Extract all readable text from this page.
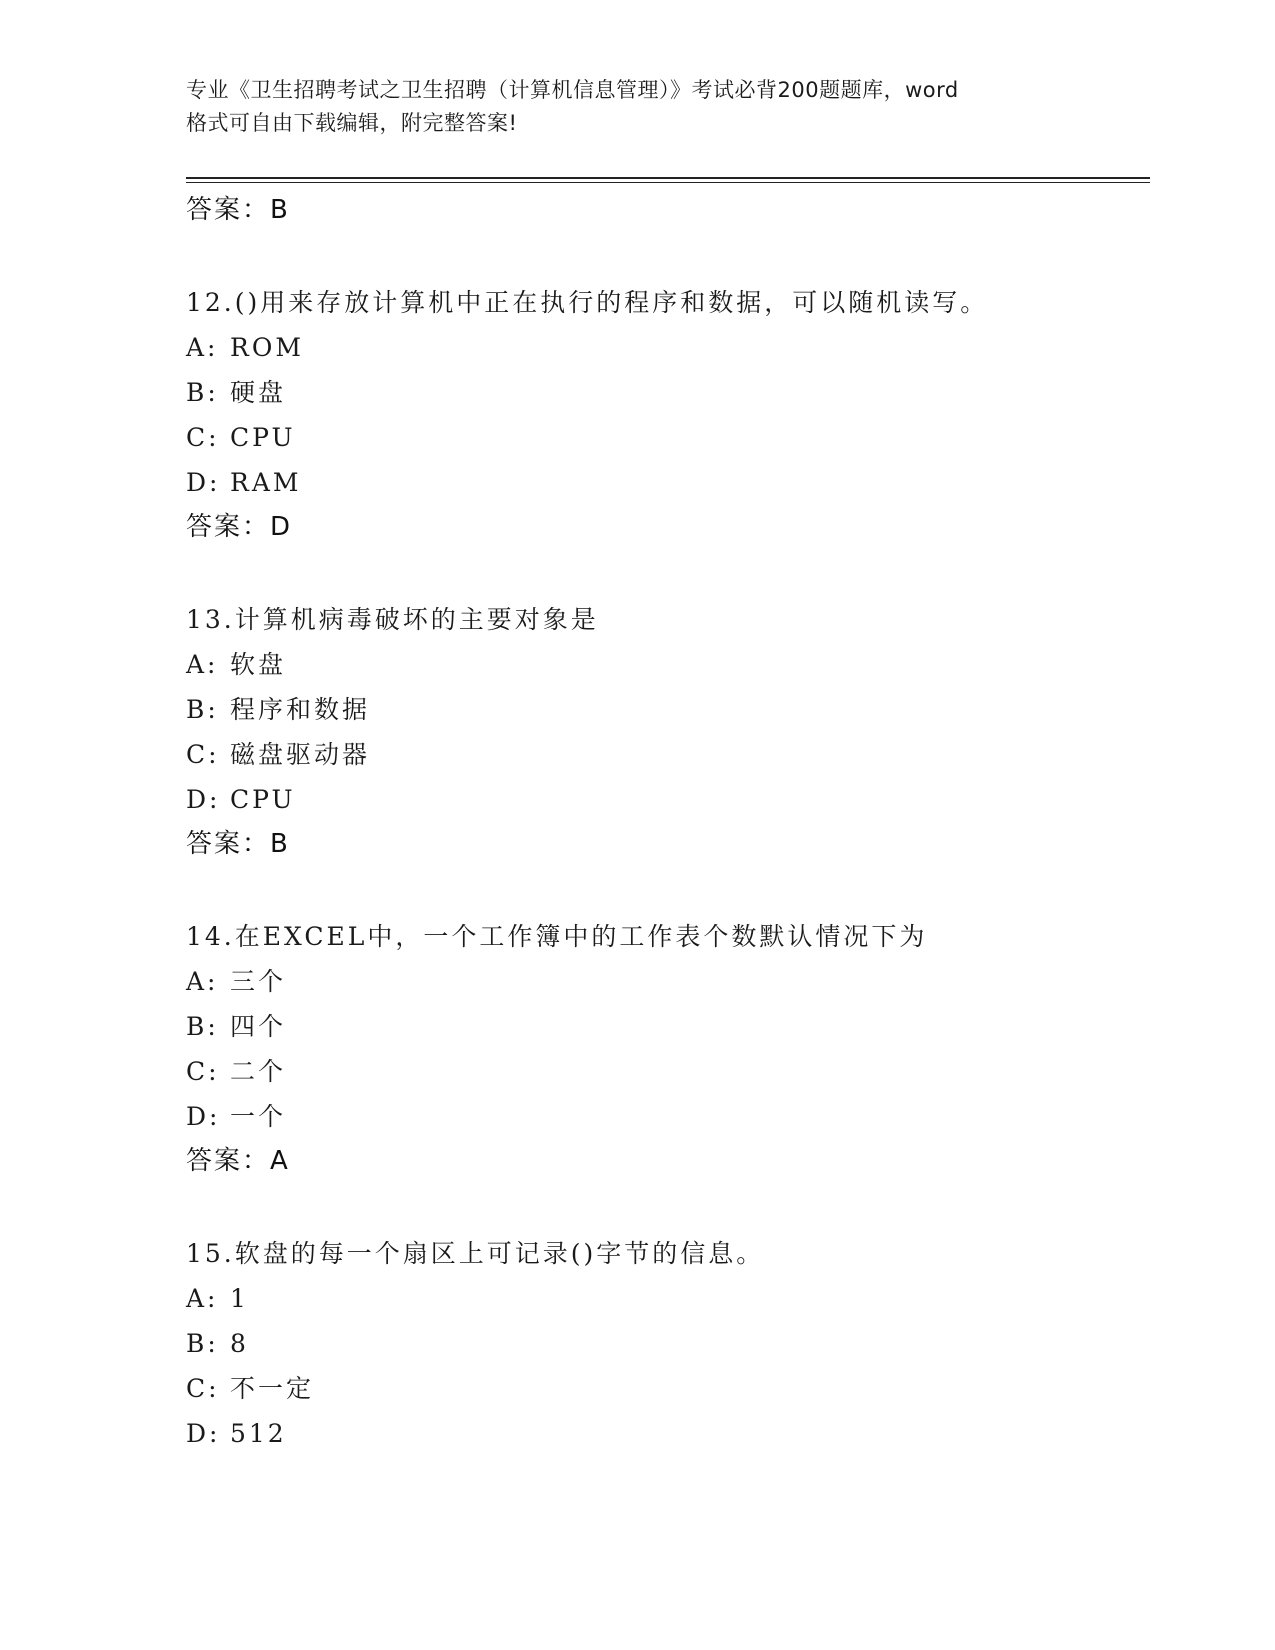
专业《卫生招聘考试之卫生招聘（计算机信息管理）》考试必背200题题库，word
格式可自由下载编辑，附完整答案!
答案：B
12.()用来存放计算机中正在执行的程序和数据，可以随机读写。
A: ROM
B: 硬盘
C: CPU
D: RAM
答案：D
13.计算机病毒破坏的主要对象是
A: 软盘
B: 程序和数据
C: 磁盘驱动器
D: CPU
答案：B
14.在EXCEL中，一个工作簿中的工作表个数默认情况下为
A: 三个
B: 四个
C: 二个
D: 一个
答案：A
15.软盘的每一个扇区上可记录()字节的信息。
A: 1
B: 8
C: 不一定
D: 512
